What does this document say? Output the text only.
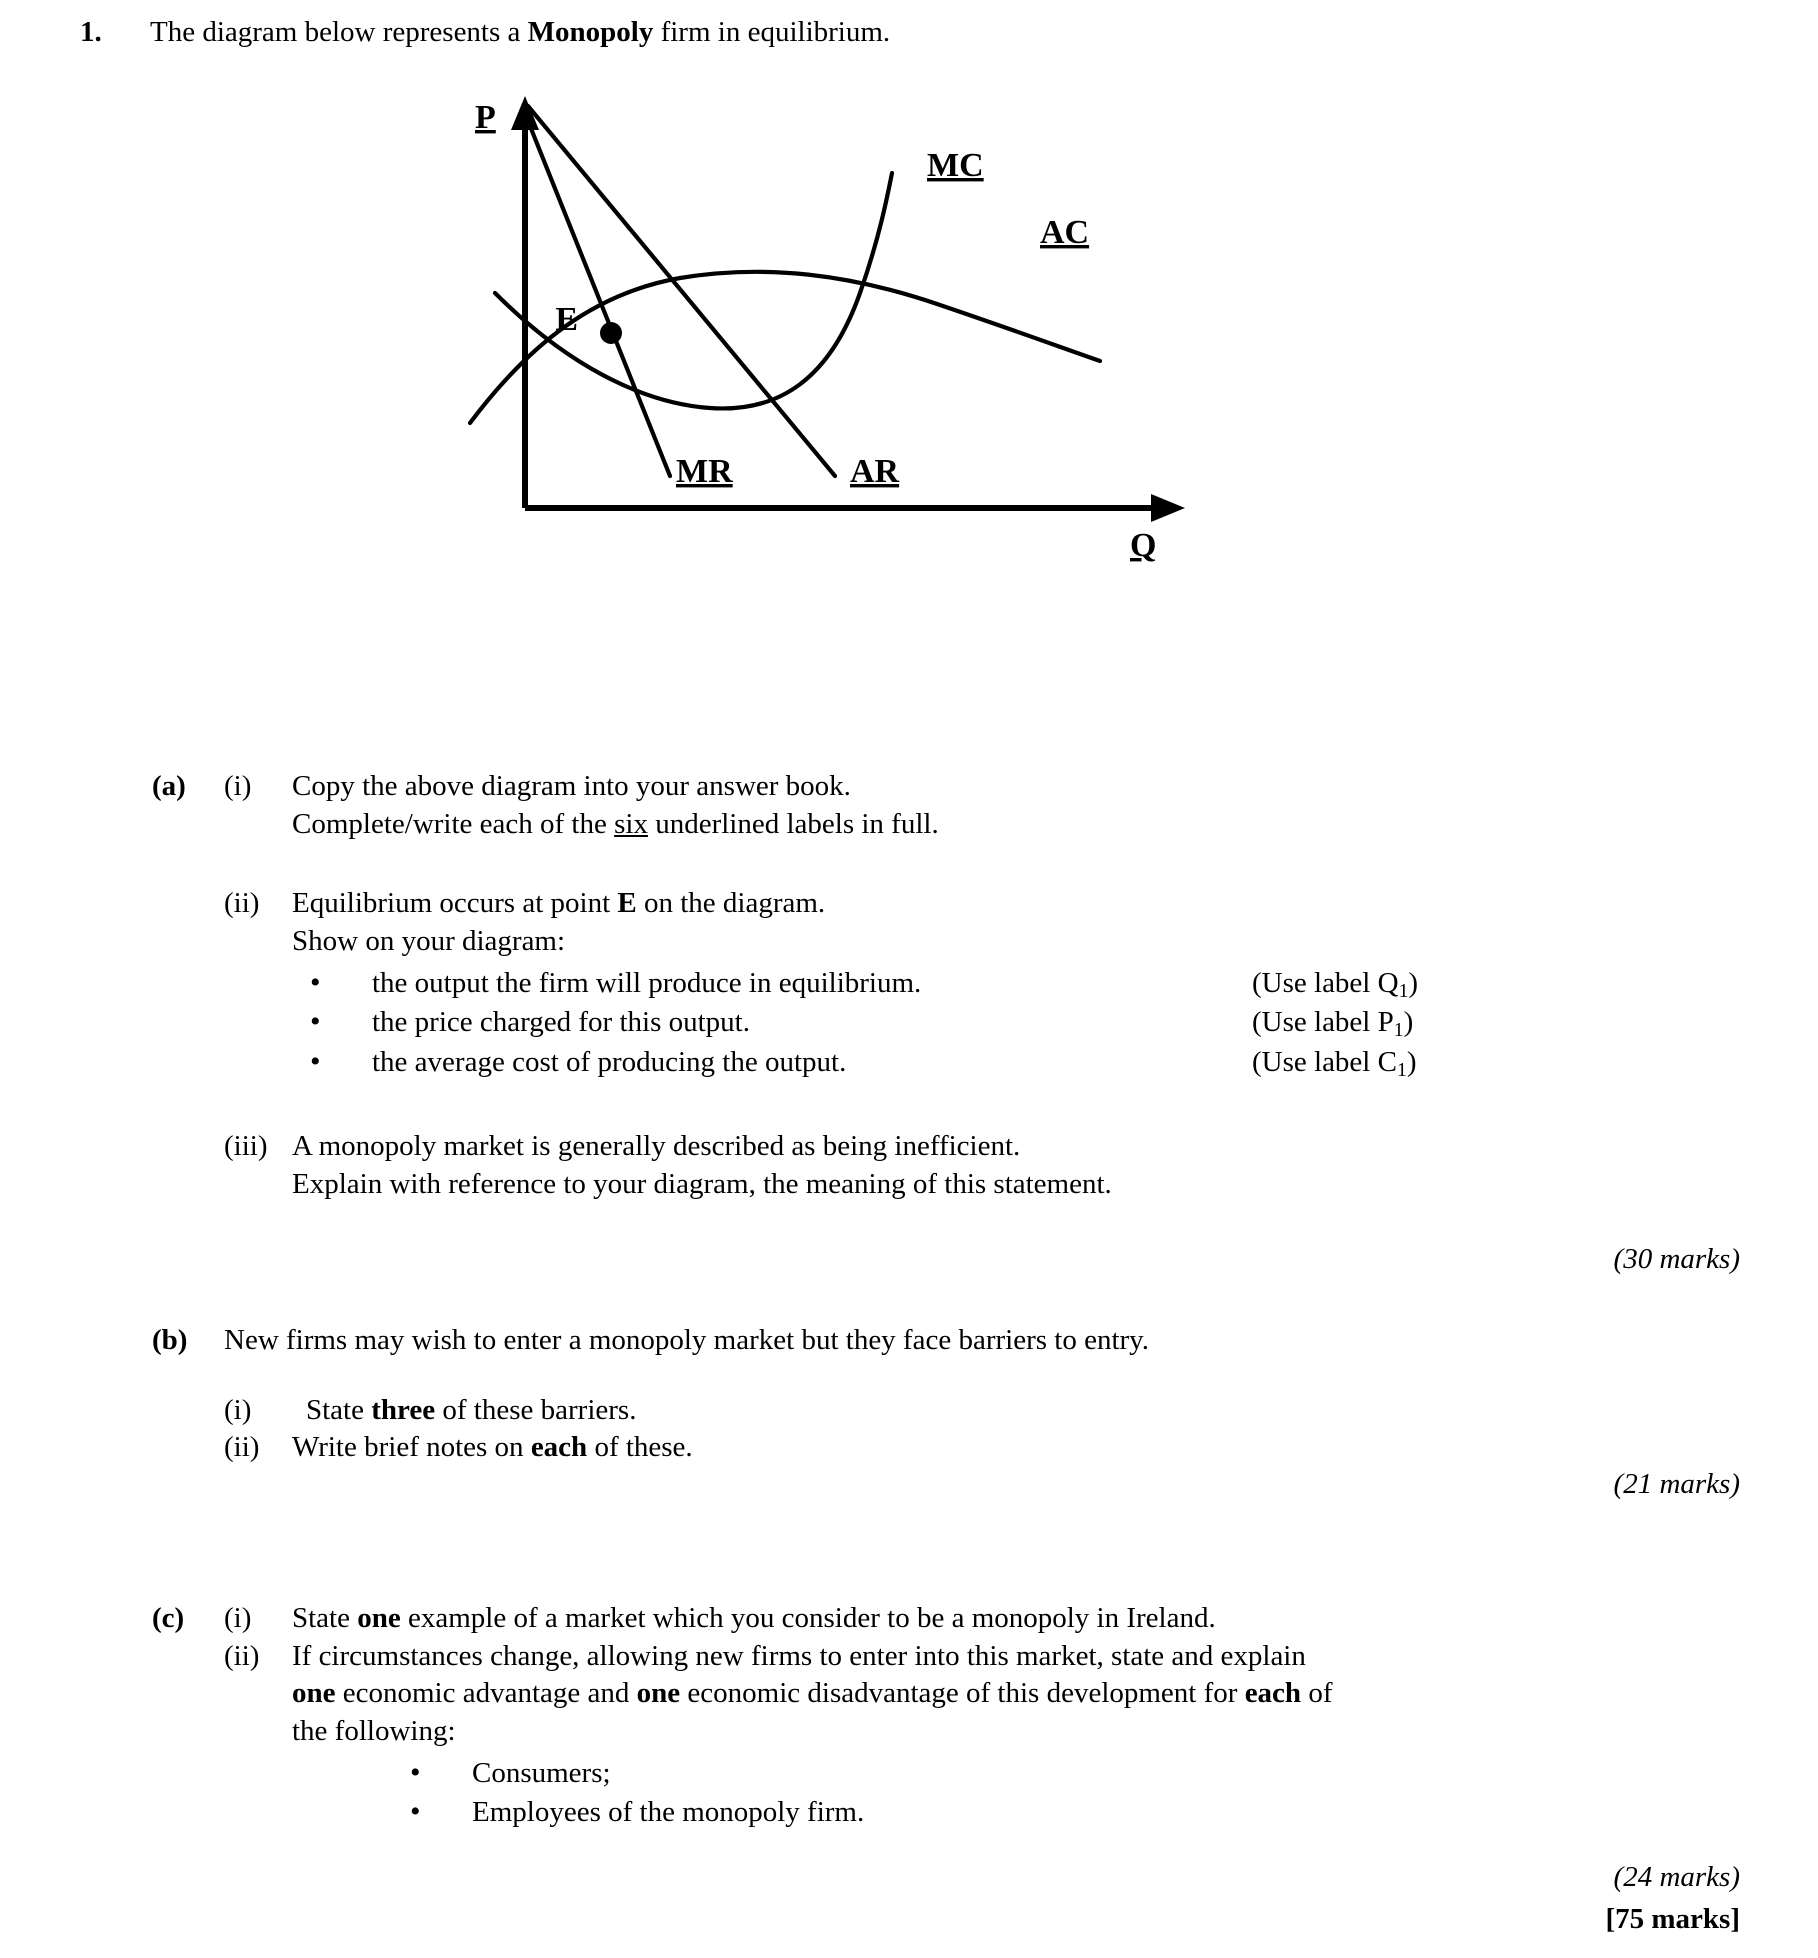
1.	The diagram below represents a Monopoly firm in equilibrium.
P
MC
AC
E
MR	AR
Q
(a)	(i)	Copy the above diagram into your answer book.
Complete/write each of the six underlined labels in full.

(ii)	Equilibrium occurs at point E on the diagram.
Show on your diagram:
•	the output the firm will produce in equilibrium.	(Use label $Q_1$)
•	the price charged for this output.	(Use label $P_1$)
•	the average cost of producing the output.	(Use label $C_1$)

(iii) A monopoly market is generally described as being inefficient.
Explain with reference to your diagram, the meaning of this statement.
(30 marks)
(b)	New firms may wish to enter a monopoly market but they face barriers to entry.

(i)	State three of these barriers.

(ii)	Write brief notes on each of these.
(21 marks)
(c)	(i)	State one example of a market which you consider to be a monopoly in Ireland.

(ii)	If circumstances change, allowing new firms to enter into this market, state and explain
one economic advantage and one economic disadvantage of this development for each of
the following:
•	Consumers;
•	Employees of the monopoly firm.
(24 marks)
[75 marks]
